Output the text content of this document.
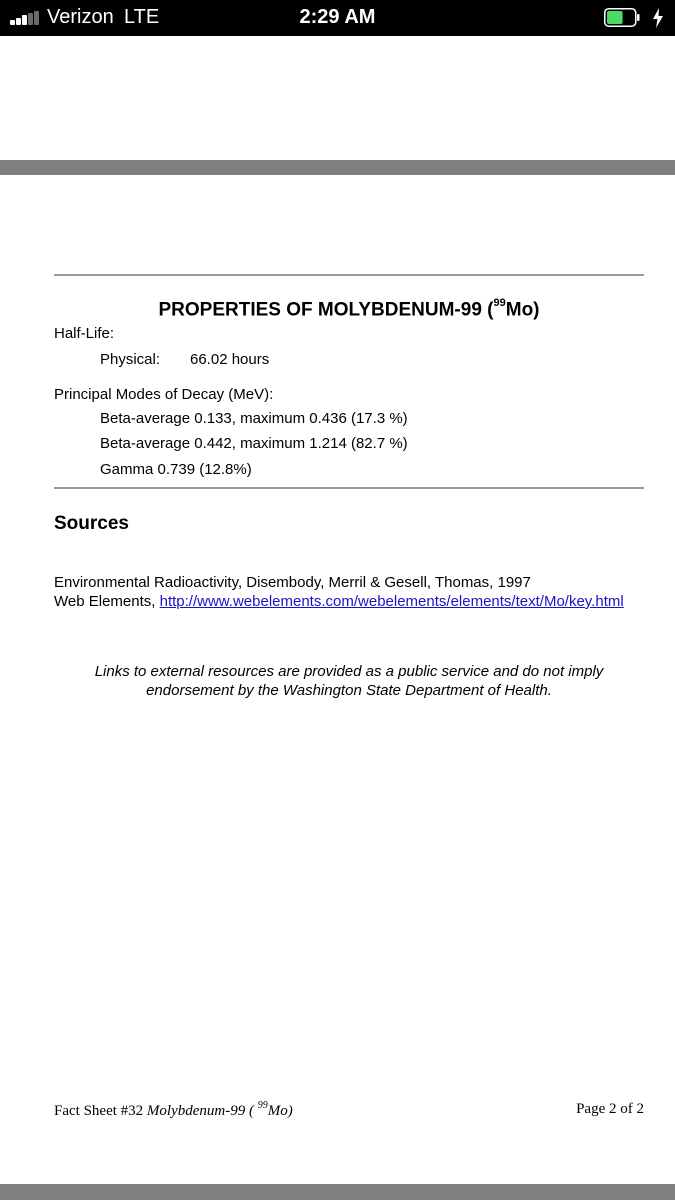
Verizon LTE	2:29 AM
PROPERTIES OF MOLYBDENUM-99 ($^{99}$Mo)
Half-Life:
Physical: 66.02 hours
Principal Modes of Decay (MeV):
Beta-average 0.133, maximum 0.436 (17.3 %)
Beta-average 0.442, maximum 1.214 (82.7 %)
Gamma 0.739 (12.8%)
Sources
Environmental Radioactivity, Disembody, Merril & Gesell, Thomas, 1997
Web Elements, http://www.webelements.com/webelements/elements/text/Mo/key.html
Links to external resources are provided as a public service and do not imply
endorsement by the Washington State Department of Health.
Fact Sheet #32 Molybdenum-99 ( $^{99}$Mo)	Page 2 of 2
